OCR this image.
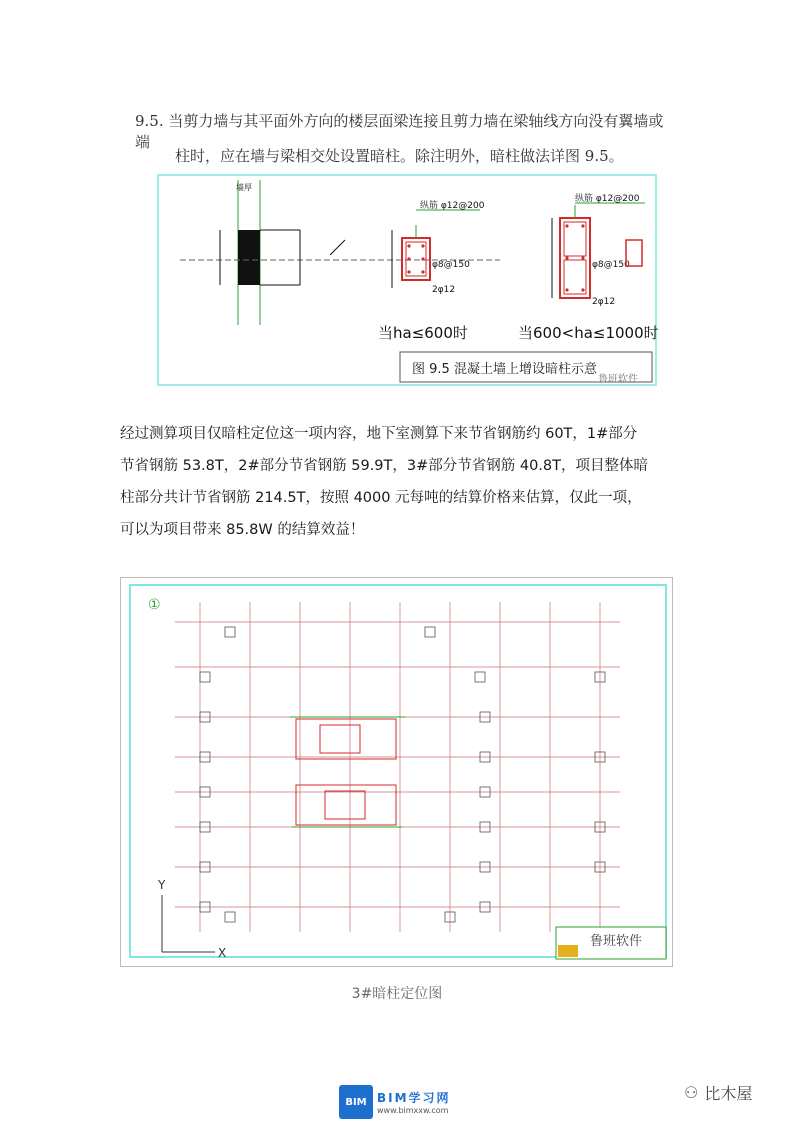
9.5. 当剪力墙与其平面外方向的楼层面梁连接且剪力墙在梁轴线方向没有翼墙或端
柱时，应在墙与梁相交处设置暗柱。除注明外，暗柱做法详图 9.5。
墙厚
纵筋 φ12@200
φ8@150
2φ12
当ha≤600时
纵筋 φ12@200
φ8@150
2φ12
当600<ha≤1000时
图 9.5 混凝土墙上增设暗柱示意
鲁班软件

经过测算项目仅暗柱定位这一项内容，地下室测算下来节省钢筋约 60T，1#部分

节省钢筋 53.8T，2#部分节省钢筋 59.9T，3#部分节省钢筋 40.8T，项目整体暗

柱部分共计节省钢筋 214.5T，按照 4000 元每吨的结算价格来估算，仅此一项，

可以为项目带来 85.8W 的结算效益！

①
Y
X
鲁班软件
3#暗柱定位图
BIM BIM学习网
www.bimxxw.com
⚇ 比木屋
